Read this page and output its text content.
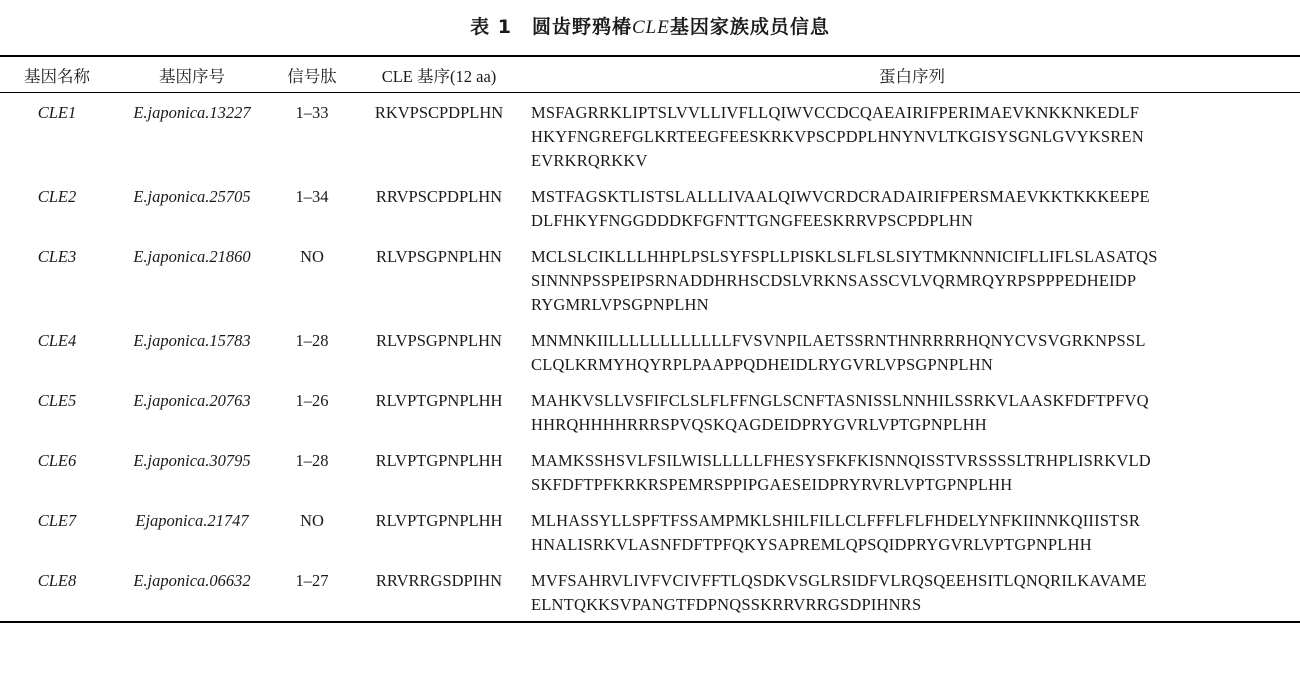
表 1 圆齿野鸦椿CLE基因家族成员信息
基因名称	基因序号	信号肽	CLE 基序(12 aa)	蛋白序列
CLE1	E.japonica.13227	1–33	RKVPSCPDPLHN	MSFAGRRKLIPTSLVVLLIVFLLQIWVCCDCQAEAIRIFPERIMAEVKNKKNKEDLF
HKYFNGREFGLKRTEEGFEESKRKVPSCPDPLHNYNVLTKGISYSGNLGVYKSREN
EVRKRQRKKV

CLE2	E.japonica.25705	1–34	RRVPSCPDPLHN	MSTFAGSKTLISTSLALLLIVAALQIWVCRDCRADAIRIFPERSMAEVKKTKKKEEPE
DLFHKYFNGGDDDKFGFNTTGNGFEESKRRVPSCPDPLHN

CLE3	E.japonica.21860	NO	RLVPSGPNPLHN	MCLSLCIKLLLHHPLPSLSYFSPLLPISKLSLFLSLSIYTMKNNNICIFLLIFLSLASATQS
SINNNPSSPEIPSRNADDHRHSCDSLVRKNSASSCVLVQRMRQYRPSPPPEDHEIDP
RYGMRLVPSGPNPLHN

CLE4	E.japonica.15783	1–28	RLVPSGPNPLHN	MNMNKIILLLLLLLLLLLLFVSVNPILAETSSRNTHNRRRRHQNYCVSVGRKNPSSL
CLQLKRMYHQYRPLPAAPPQDHEIDLRYGVRLVPSGPNPLHN

CLE5	E.japonica.20763	1–26	RLVPTGPNPLHH	MAHKVSLLVSFIFCLSLFLFFNGLSCNFTASNISSLNNHILSSRKVLAASKFDFTPFVQ
HHRQHHHHRRRSPVQSKQAGDEIDPRYGVRLVPTGPNPLHH

CLE6	E.japonica.30795	1–28	RLVPTGPNPLHH	MAMKSSHSVLFSILWISLLLLLFHESYSFKFKISNNQISSTVRSSSSLTRHPLISRKVLD
SKFDFTPFKRKRSPEMRSPPIPGAESEIDPRYRVRLVPTGPNPLHH

CLE7	Ejaponica.21747	NO	RLVPTGPNPLHH	MLHASSYLLSPFTFSSAMPMKLSHILFILLCLFFFLFLFHDELYNFKIINNKQIIISTSR
HNALISRKVLASNFDFTPFQKYSAPREMLQPSQIDPRYGVRLVPTGPNPLHH

CLE8	E.japonica.06632	1–27	RRVRRGSDPIHN	MVFSAHRVLIVFVCIVFFTLQSDKVSGLRSIDFVLRQSQEEHSITLQNQRILKAVAME
ELNTQKKSVPANGTFDPNQSSKRRVRRGSDPIHNRS
